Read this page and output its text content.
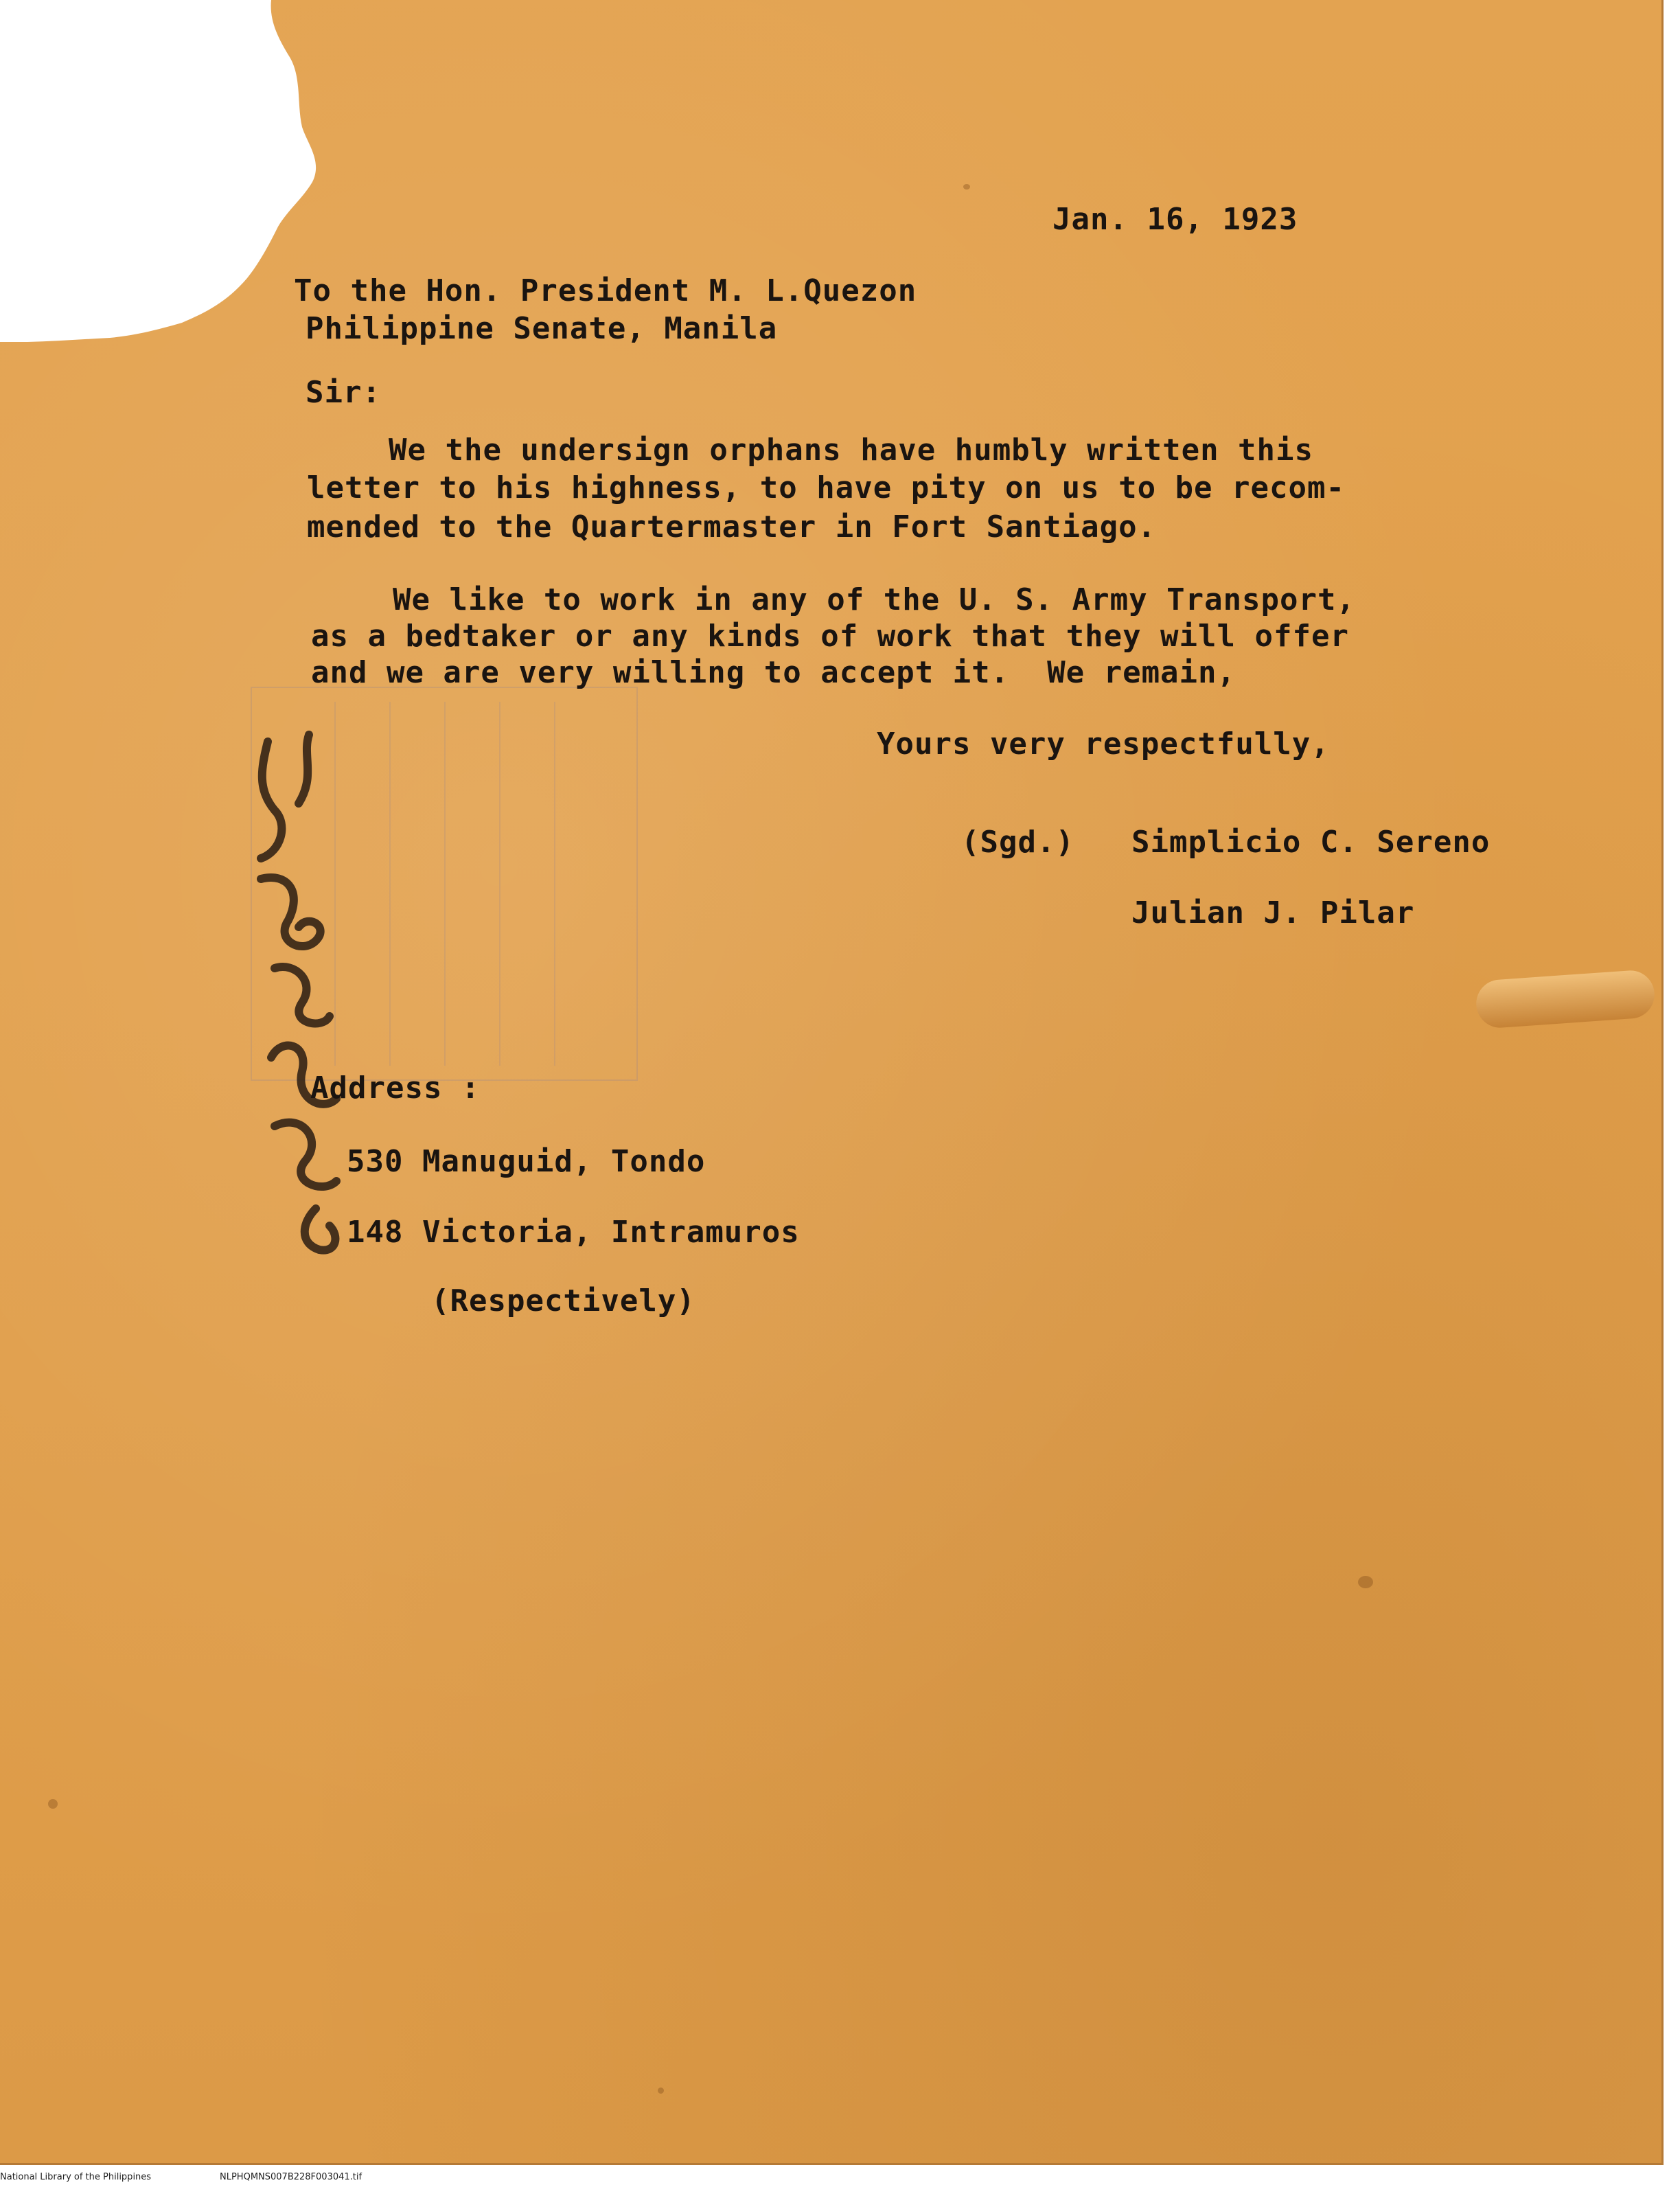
Jan. 16, 1923
To the Hon. President M. L.Quezon
Philippine Senate, Manila
Sir:
We the undersign orphans have humbly written this
letter to his highness, to have pity on us to be recom-
mended to the Quartermaster in Fort Santiago.
We like to work in any of the U. S. Army Transport,
as a bedtaker or any kinds of work that they will offer
and we are very willing to accept it.  We remain,
Yours very respectfully,
(Sgd.) Simplicio C. Sereno
Julian J. Pilar
Address :
530 Manuguid, Tondo
148 Victoria, Intramuros
(Respectively)
National Library of the Philippines	NLPHQMNS007B228F003041.tif
